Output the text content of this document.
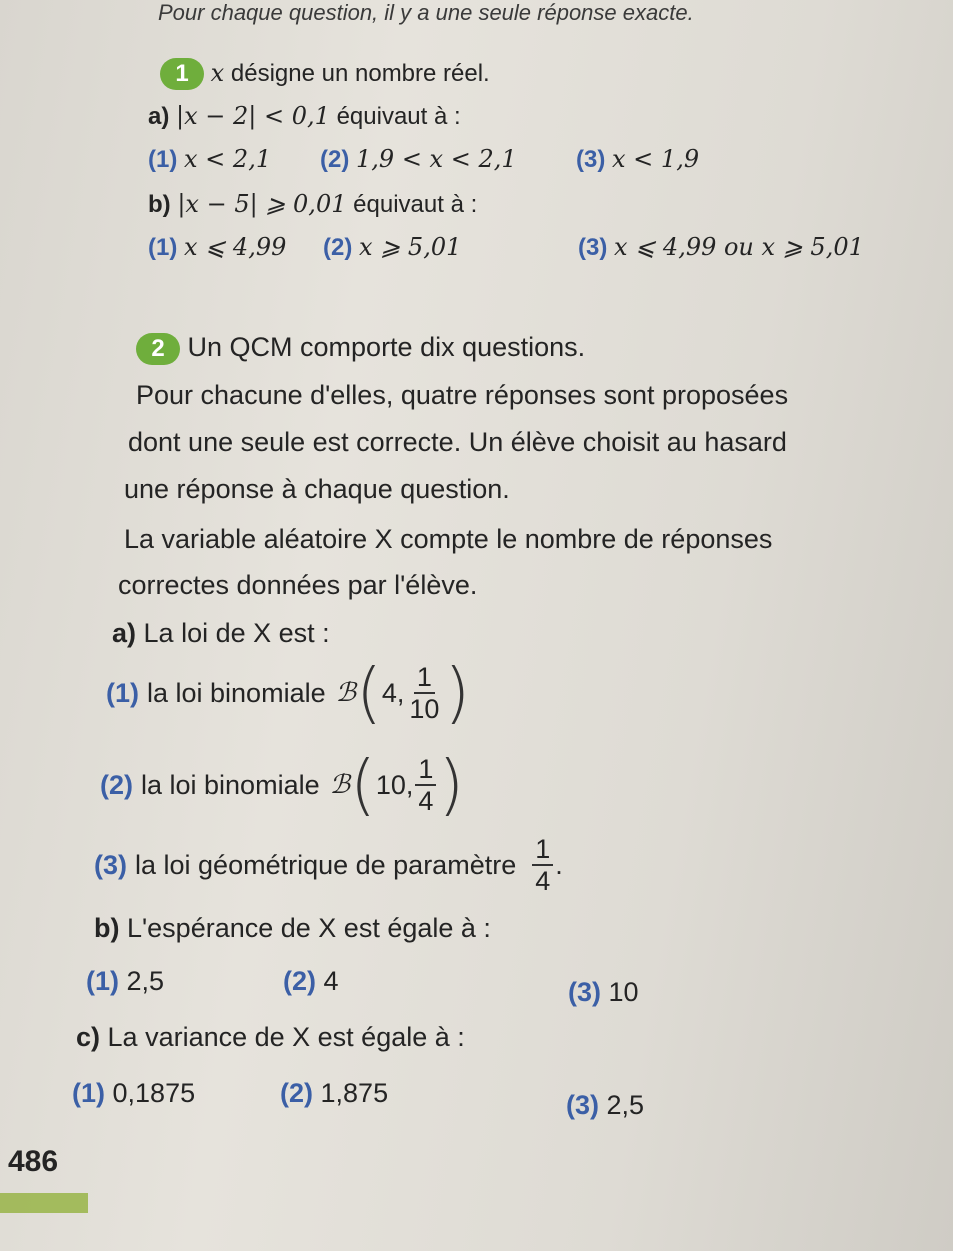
Pour chaque question, il y a une seule réponse exacte.
1 x désigne un nombre réel.
a) |x − 2| < 0,1 équivaut à :
(1) x < 2,1 (2) 1,9 < x < 2,1 (3) x < 1,9
b) |x − 5| ⩾ 0,01 équivaut à :
(1) x ⩽ 4,99 (2) x ⩾ 5,01	(3) x ⩽ 4,99 ou x ⩾ 5,01
2 Un QCM comporte dix questions.
Pour chacune d'elles, quatre réponses sont proposées
dont une seule est correcte. Un élève choisit au hasard
une réponse à chaque question.
La variable aléatoire X compte le nombre de réponses
correctes données par l'élève.
a) La loi de X est :
(1) la loi binomiale ℬ ( 4, $\frac{1}{10}$ )
(2) la loi binomiale ℬ ( 10, $\frac{1}{4}$ )
(3) la loi géométrique de paramètre $\frac{1}{4}$ .
b) L'espérance de X est égale à :
(1) 2,5	(2) 4	(3) 10
c) La variance de X est égale à :
(1) 0,1875	(2) 1,875	(3) 2,5
486
